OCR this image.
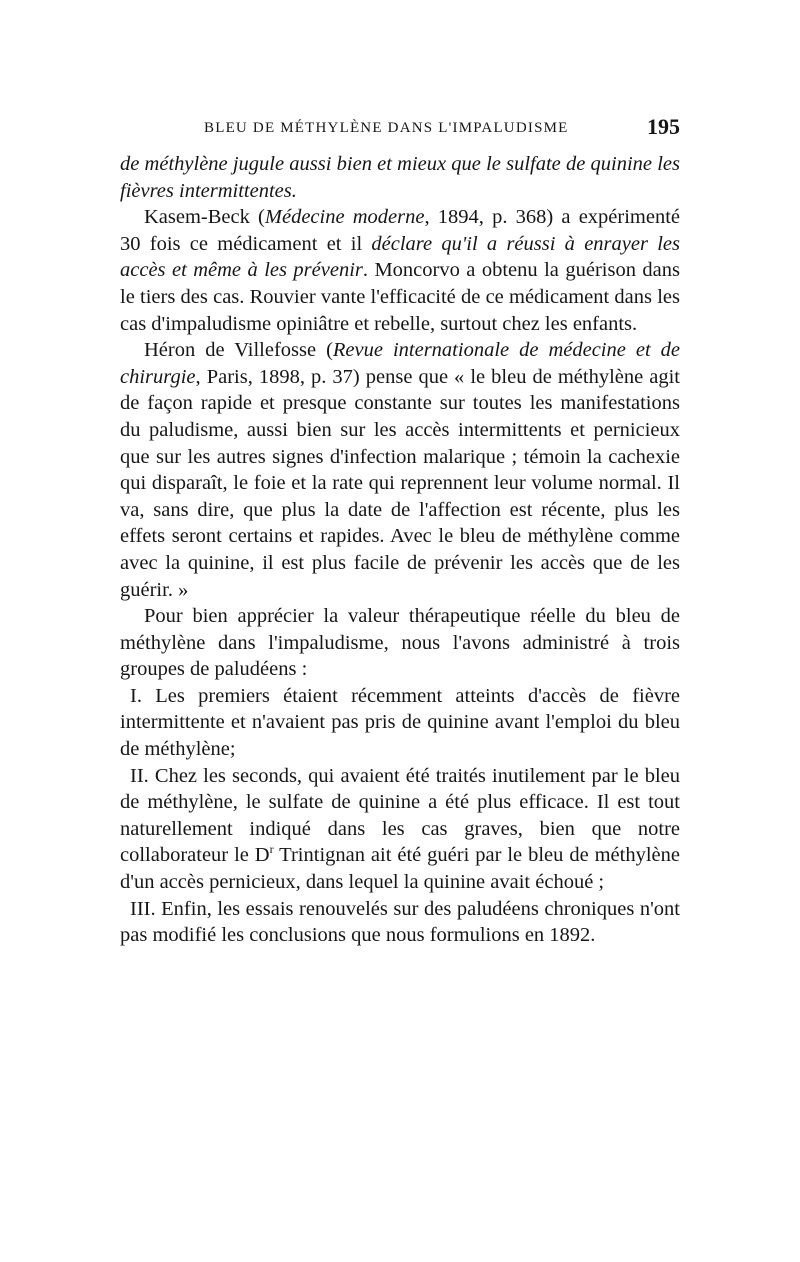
BLEU DE MÉTHYLÈNE DANS L'IMPALUDISME	195

de méthylène jugule aussi bien et mieux que le sulfate de quinine les fièvres intermittentes.

Kasem-Beck (Médecine moderne, 1894, p. 368) a expérimenté 30 fois ce médicament et il déclare qu'il a réussi à enrayer les accès et même à les prévenir. Moncorvo a obtenu la guérison dans le tiers des cas. Rouvier vante l'efficacité de ce médicament dans les cas d'impaludisme opiniâtre et rebelle, surtout chez les enfants.

Héron de Villefosse (Revue internationale de médecine et de chirurgie, Paris, 1898, p. 37) pense que « le bleu de méthylène agit de façon rapide et presque constante sur toutes les manifestations du paludisme, aussi bien sur les accès intermittents et pernicieux que sur les autres signes d'infection malarique ; témoin la cachexie qui disparaît, le foie et la rate qui reprennent leur volume normal. Il va, sans dire, que plus la date de l'affection est récente, plus les effets seront certains et rapides. Avec le bleu de méthylène comme avec la quinine, il est plus facile de prévenir les accès que de les guérir. »

Pour bien apprécier la valeur thérapeutique réelle du bleu de méthylène dans l'impaludisme, nous l'avons administré à trois groupes de paludéens :

I. Les premiers étaient récemment atteints d'accès de fièvre intermittente et n'avaient pas pris de quinine avant l'emploi du bleu de méthylène;

II. Chez les seconds, qui avaient été traités inutilement par le bleu de méthylène, le sulfate de quinine a été plus efficace. Il est tout naturellement indiqué dans les cas graves, bien que notre collaborateur le $D^r$ Trintignan ait été guéri par le bleu de méthylène d'un accès pernicieux, dans lequel la quinine avait échoué ;

III. Enfin, les essais renouvelés sur des paludéens chroniques n'ont pas modifié les conclusions que nous formulions en 1892.
